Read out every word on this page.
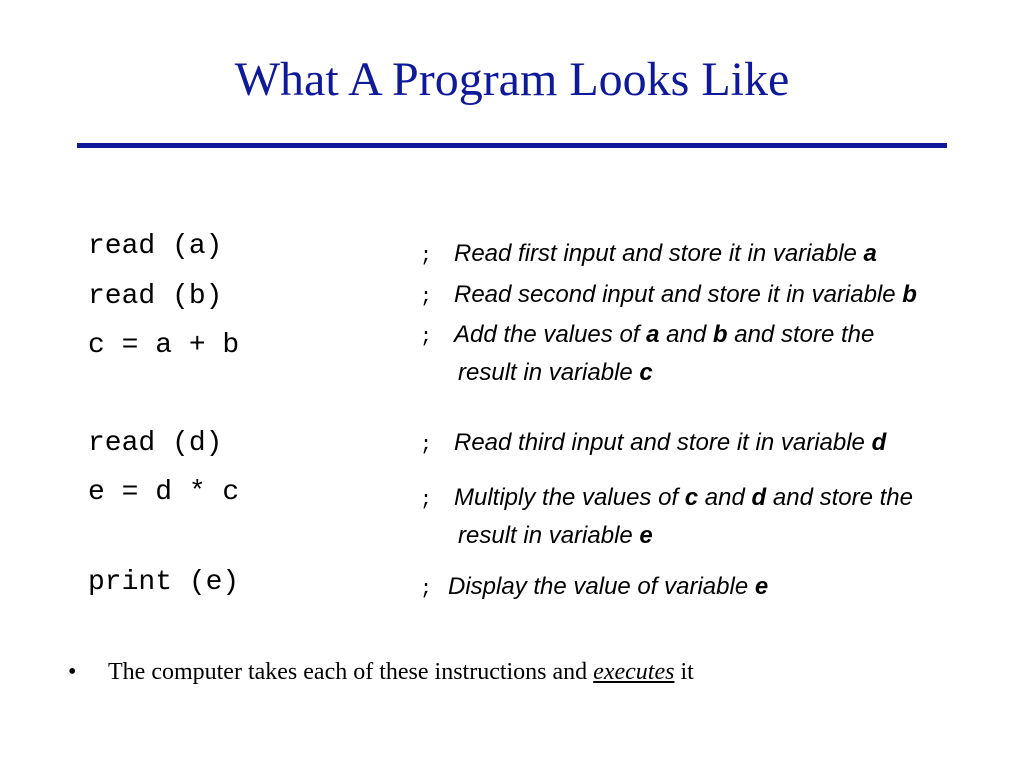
What A Program Looks Like
read (a)
read (b)
c = a + b
read (d)
e = d * c
print (e)
; Read first input and store it in variable a
; Read second input and store it in variable b
; Add the values of a and b and store the
result in variable c
; Read third input and store it in variable d
; Multiply the values of c and d and store the
result in variable e
; Display the value of variable e
• The computer takes each of these instructions and executes it
